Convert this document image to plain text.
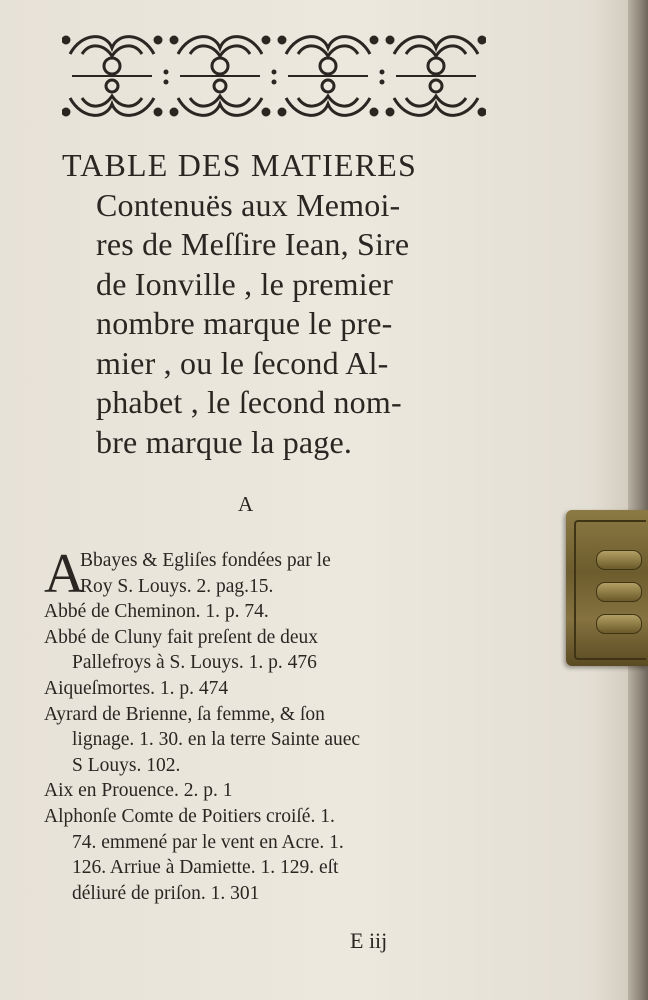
TABLE DES MATIERES
Contenuës aux Memoi-
res de Meſſire Iean, Sire
de Ionville , le premier
nombre marque le pre-
mier , ou le ſecond Al-
phabet , le ſecond nom-
bre marque la page.
A

A
Bbayes & Egliſes fondées par le
Roy S. Louys. 2. pag.15.

Abbé de Cheminon. 1. p. 74.

Abbé de Cluny fait preſent de deux
Pallefroys à S. Louys. 1. p. 476

Aiqueſmortes. 1. p. 474

Ayrard de Brienne, ſa femme, & ſon
lignage. 1. 30. en la terre Sainte auec
S Louys. 102.

Aix en Prouence. 2. p. 1

Alphonſe Comte de Poitiers croiſé. 1.
74. emmené par le vent en Acre. 1.
126. Arriue à Damiette. 1. 129. eſt
déliuré de priſon. 1. 301

E iij
